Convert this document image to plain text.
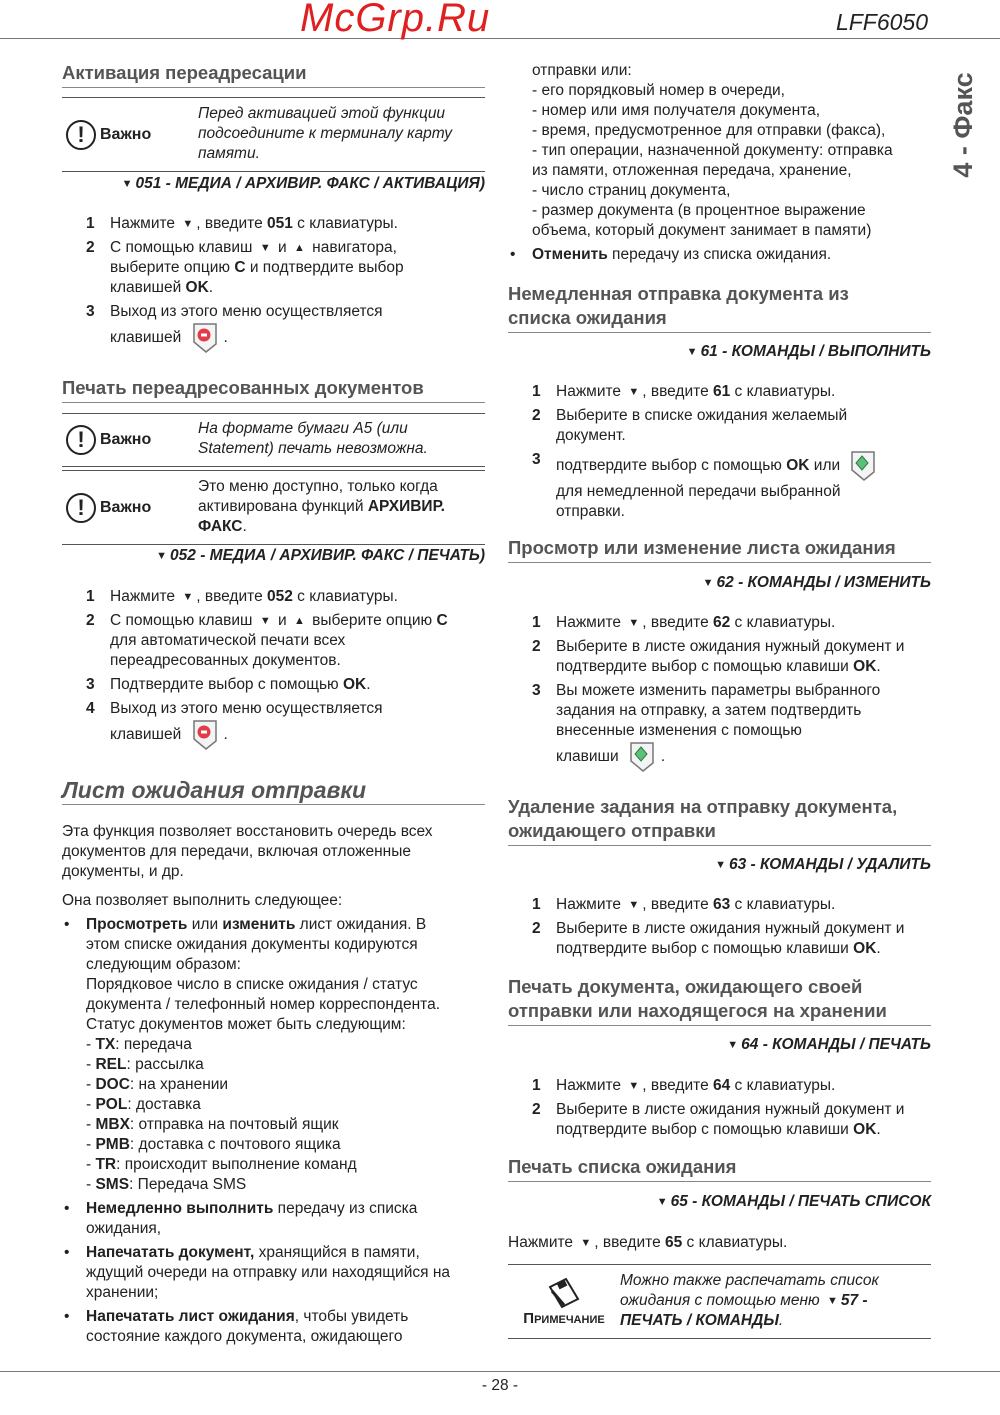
LFF6050
4 - Факс
Активация переадресации
! Важно
Перед активацией этой функции
подсоедините к терминалу карту
памяти.
▼ 051 - МЕДИА / АРХИВИР. ФАКС / АКТИВАЦИЯ)
1 Нажмите ▼ , введите 051 с клавиатуры.
2 С помощью клавиш ▼ и ▲ навигатора,
выберите опцию C и подтвердите выбор
клавишей OK.
3 Выход из этого меню осуществляется
клавишей	.
Печать переадресованных документов
! Важно
На формате бумаги A5 (или
Statement) печать невозможна.
! Важно
Это меню доступно, только когда
активирована функций АРХИВИР.
ФАКС.
▼ 052 - МЕДИА / АРХИВИР. ФАКС / ПЕЧАТЬ)
1 Нажмите ▼ , введите 052 с клавиатуры.
2 С помощью клавиш ▼ и ▲ выберите опцию C
для автоматической печати всех
переадресованных документов.
3 Подтвердите выбор с помощью OK.
4 Выход из этого меню осуществляется
клавишей	.
Лист ожидания отправки
Эта функция позволяет восстановить очередь всех
документов для передачи, включая отложенные
документы, и др.
Она позволяет выполнить следующее:
•	Просмотреть или изменить лист ожидания. В
этом списке ожидания документы кодируются
следующим образом:
Порядковое число в списке ожидания / статус
документа / телефонный номер корреспондента.
Статус документов может быть следующим:
- TX: передача
- REL: рассылка
- DOC: на хранении
- POL: доставка
- MBX: отправка на почтовый ящик
- PMB: доставка с почтового ящика
- TR: происходит выполнение команд
- SMS: Передача SMS
•	Немедленно выполнить передачу из списка
ожидания,
•	Напечатать документ, хранящийся в памяти,
ждущий очереди на отправку или находящийся на
хранении;
•	Напечатать лист ожидания, чтобы увидеть
состояние каждого документа, ожидающего
McGrp.Ru
отправки или:
- его порядковый номер в очереди,
- номер или имя получателя документа,
- время, предусмотренное для отправки (факса),
- тип операции, назначенной документу: отправка
из памяти, отложенная передача, хранение,
- число страниц документа,
- размер документа (в процентное выражение
объема, который документ занимает в памяти)
•	Отменить передачу из списка ожидания.
Немедленная отправка документа из
списка ожидания
▼ 61 - КОМАНДЫ / ВЫПОЛНИТЬ
1 Нажмите ▼ , введите 61 с клавиатуры.
2 Выберите в списке ожидания желаемый
документ.
3 подтвердите выбор с помощью OK или
для немедленной передачи выбранной
отправки.
Просмотр или изменение листа ожидания
▼ 62 - КОМАНДЫ / ИЗМЕНИТЬ
1 Нажмите ▼ , введите 62 с клавиатуры.
2 Выберите в листе ожидания нужный документ и
подтвердите выбор с помощью клавиши OK.
3 Вы можете изменить параметры выбранного
задания на отправку, а затем подтвердить
внесенные изменения с помощью
клавиши	.
Удаление задания на отправку документа,
ожидающего отправки
▼ 63 - КОМАНДЫ / УДАЛИТЬ
1 Нажмите ▼ , введите 63 с клавиатуры.
2 Выберите в листе ожидания нужный документ и
подтвердите выбор с помощью клавиши OK.
Печать документа, ожидающего своей
отправки или находящегося на хранении
▼ 64 - КОМАНДЫ / ПЕЧАТЬ
1 Нажмите ▼ , введите 64 с клавиатуры.
2 Выберите в листе ожидания нужный документ и
подтвердите выбор с помощью клавиши OK.
Печать списка ожидания
▼ 65 - КОМАНДЫ / ПЕЧАТЬ СПИСОК
Нажмите ▼ , введите 65 с клавиатуры.
Примечание
Можно также распечатать список
ожидания с помощью меню ▼ 57 -
ПЕЧАТЬ / КОМАНДЫ.
- 28 -
